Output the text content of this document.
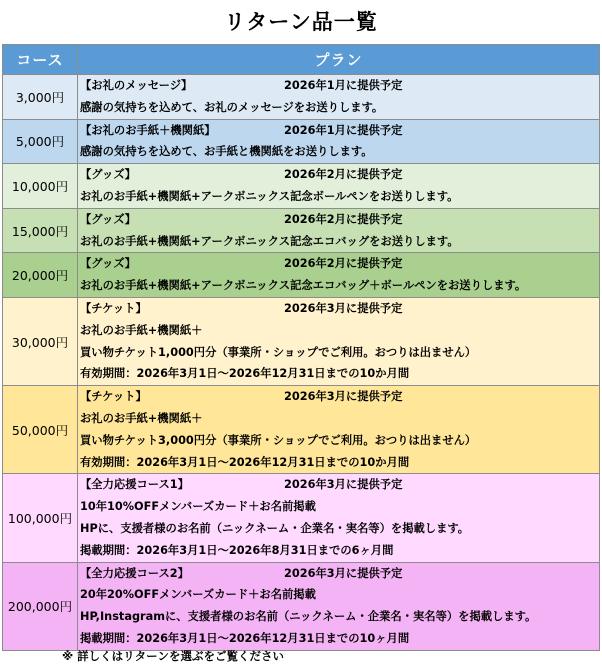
リターン品一覧
コース	プラン
3,000円	【お礼のメッセージ】 2026年1月に提供予定
感謝の気持ちを込めて、お礼のメッセージをお送りします。

5,000円	【お礼のお手紙＋機関紙】 2026年1月に提供予定
感謝の気持ちを込めて、お手紙と機関紙をお送りします。

10,000円	【グッズ】 2026年2月に提供予定
お礼のお手紙+機関紙+アークボニックス記念ボールペンをお送りします。

15,000円	【グッズ】 2026年2月に提供予定
お礼のお手紙+機関紙+アークボニックス記念エコバッグをお送りします。

20,000円	【グッズ】 2026年2月に提供予定
お礼のお手紙+機関紙+アークボニックス記念エコバッグ＋ボールペンをお送りします。

30,000円	【チケット】 2026年3月に提供予定
お礼のお手紙+機関紙＋
買い物チケット1,000円分（事業所・ショップでご利用。おつりは出ません）
有効期間：2026年3月1日〜2026年12月31日までの10か月間

50,000円	【チケット】 2026年3月に提供予定
お礼のお手紙+機関紙＋
買い物チケット3,000円分（事業所・ショップでご利用。おつりは出ません）
有効期間：2026年3月1日〜2026年12月31日までの10か月間

100,000円	【全力応援コース1】 2026年3月に提供予定
10年10%OFFメンバーズカード＋お名前掲載
HPに、支援者様のお名前（ニックネーム・企業名・実名等）を掲載します。
掲載期間：2026年3月1日〜2026年8月31日までの6ヶ月間

200,000円	【全力応援コース2】 2026年3月に提供予定
20年20%OFFメンバーズカード＋お名前掲載
HP,Instagramに、支援者様のお名前（ニックネーム・企業名・実名等）を掲載します。
掲載期間：2026年3月1日〜2026年12月31日までの10ヶ月間
※ 詳しくはリターンを選ぶをご覧ください
